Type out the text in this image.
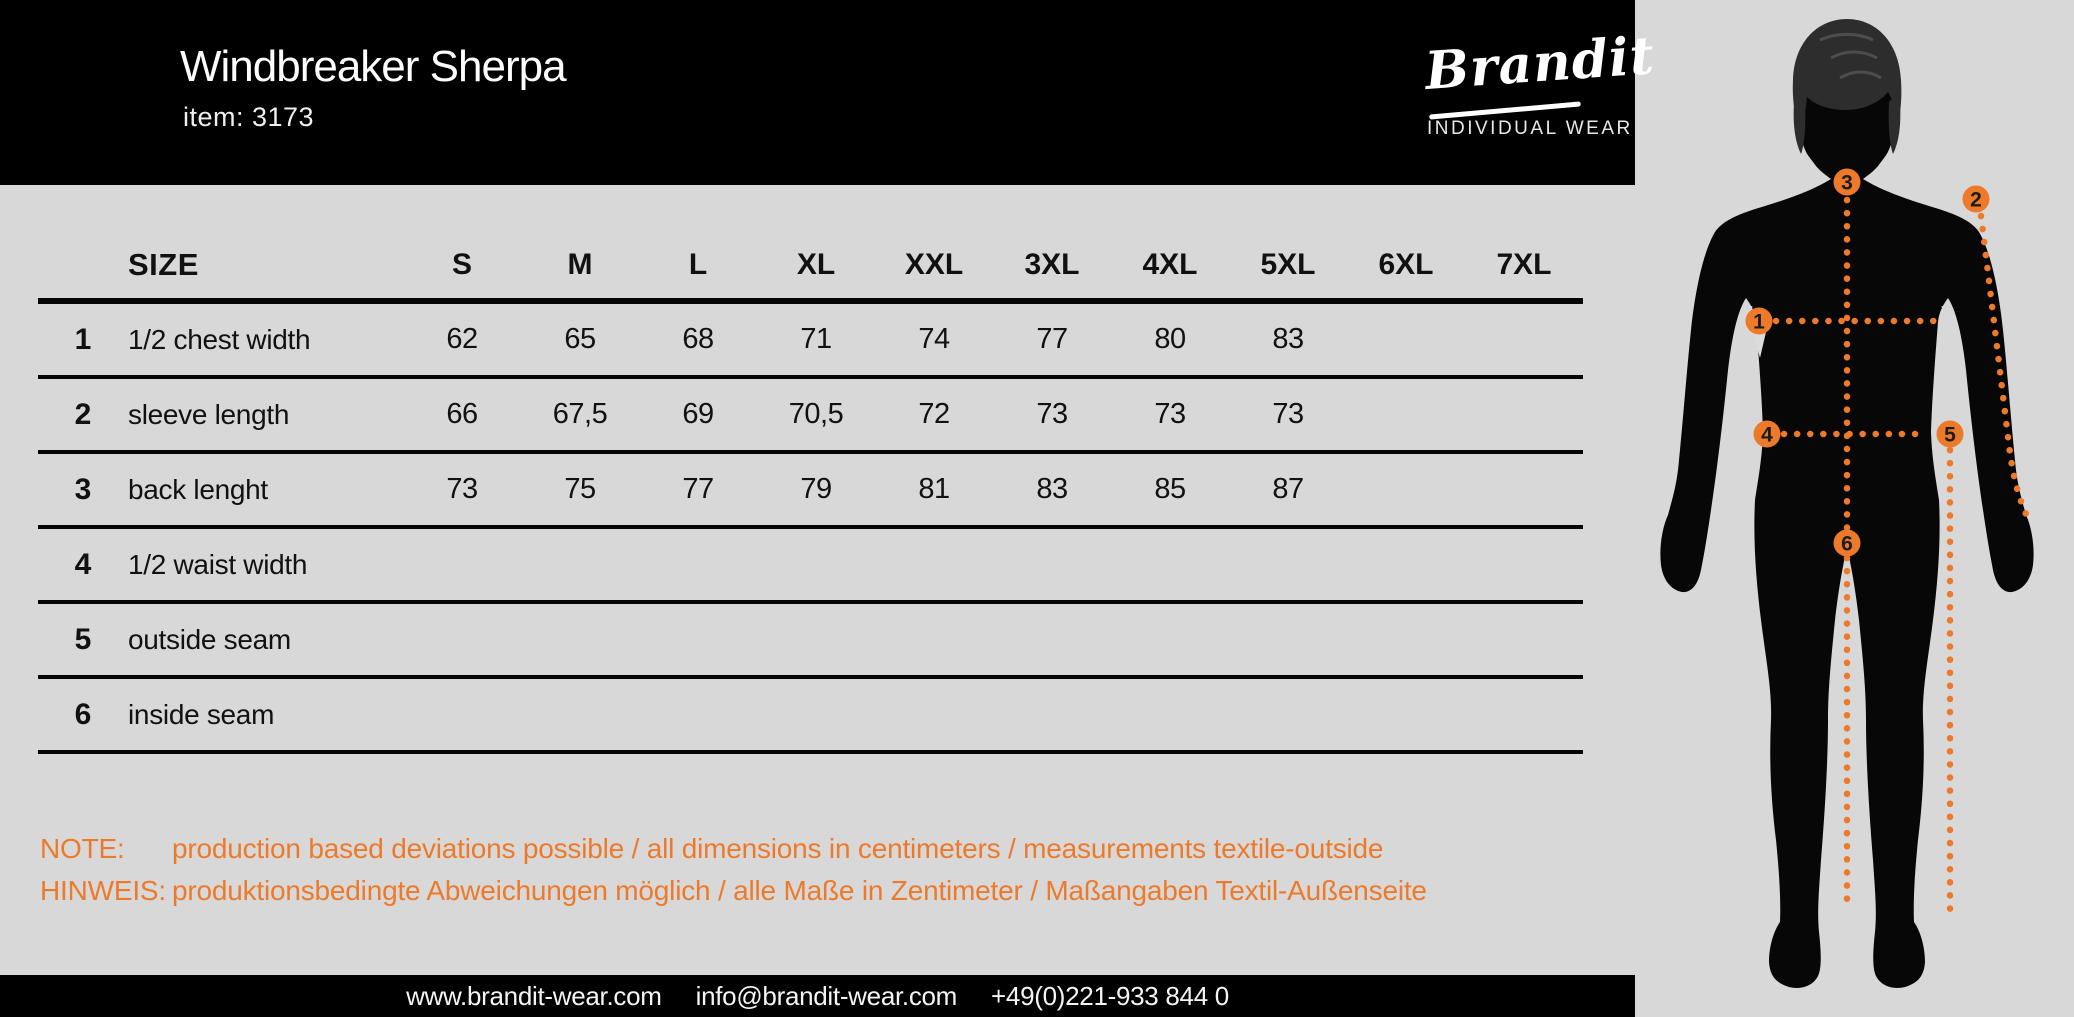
Windbreaker Sherpa
item: 3173
Brandit
INDIVIDUAL WEAR
SIZE	S	M	L	XL	XXL	3XL	4XL	5XL	6XL	7XL
1	1/2 chest width	62	65	68	71	74	77	80	83
2	sleeve length	66	67,5	69	70,5	72	73	73	73
3	back lenght	73	75	77	79	81	83	85	87
4	1/2 waist width
5	outside seam
6	inside seam
NOTE:	production based deviations possible / all dimensions in centimeters / measurements textile-outside
HINWEIS: produktionsbedingte Abweichungen möglich / alle Maße in Zentimeter / Maßangaben Textil-Außenseite
www.brandit-wear.com info@brandit-wear.com +49(0)221-933 844 0
1
2
3
4	5
6
